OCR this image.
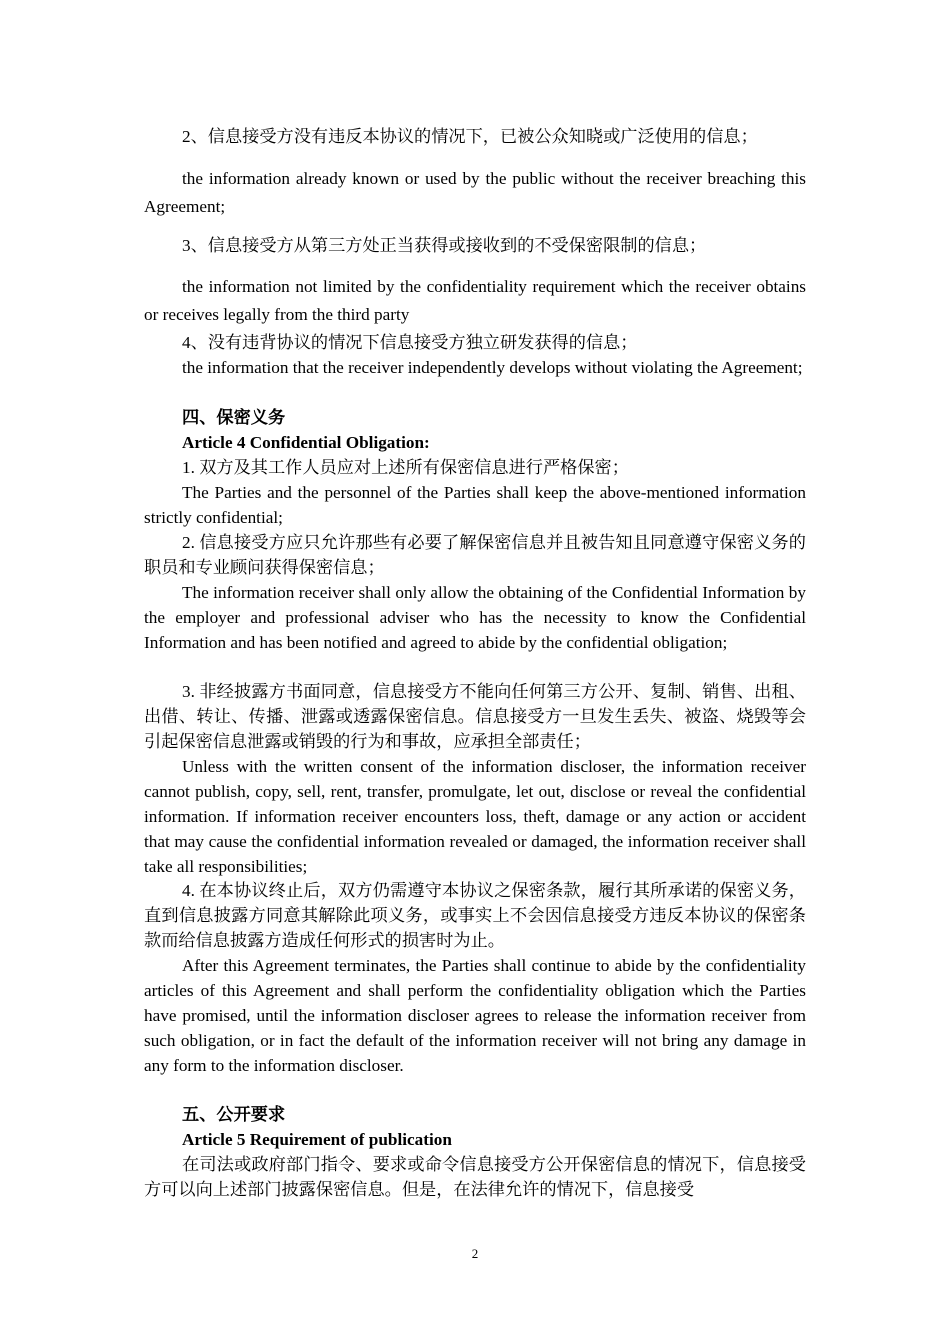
2、信息接受方没有违反本协议的情况下，已被公众知晓或广泛使用的信息；

the information already known or used by the public without the receiver breaching this Agreement;

3、信息接受方从第三方处正当获得或接收到的不受保密限制的信息；

the information not limited by the confidentiality requirement which the receiver obtains or receives legally from the third party

4、没有违背协议的情况下信息接受方独立研发获得的信息；

the information that the receiver independently develops without violating the Agreement;

四、保密义务

Article 4 Confidential Obligation:

1. 双方及其工作人员应对上述所有保密信息进行严格保密；

The Parties and the personnel of the Parties shall keep the above-mentioned information strictly confidential;

2. 信息接受方应只允许那些有必要了解保密信息并且被告知且同意遵守保密义务的职员和专业顾问获得保密信息；

The information receiver shall only allow the obtaining of the Confidential Information by the employer and professional adviser who has the necessity to know the Confidential Information and has been notified and agreed to abide by the confidential obligation;

3. 非经披露方书面同意，信息接受方不能向任何第三方公开、复制、销售、出租、出借、转让、传播、泄露或透露保密信息。信息接受方一旦发生丢失、被盗、烧毁等会引起保密信息泄露或销毁的行为和事故，应承担全部责任；

Unless with the written consent of the information discloser, the information receiver cannot publish, copy, sell, rent, transfer, promulgate, let out, disclose or reveal the confidential information. If information receiver encounters loss, theft, damage or any action or accident that may cause the confidential information revealed or damaged, the information receiver shall take all responsibilities;

4. 在本协议终止后，双方仍需遵守本协议之保密条款，履行其所承诺的保密义务，直到信息披露方同意其解除此项义务，或事实上不会因信息接受方违反本协议的保密条款而给信息披露方造成任何形式的损害时为止。

After this Agreement terminates, the Parties shall continue to abide by the confidentiality articles of this Agreement and shall perform the confidentiality obligation which the Parties have promised, until the information discloser agrees to release the information receiver from such obligation, or in fact the default of the information receiver will not bring any damage in any form to the information discloser.

五、公开要求

Article 5 Requirement of publication

在司法或政府部门指令、要求或命令信息接受方公开保密信息的情况下，信息接受方可以向上述部门披露保密信息。但是，在法律允许的情况下，信息接受

2
